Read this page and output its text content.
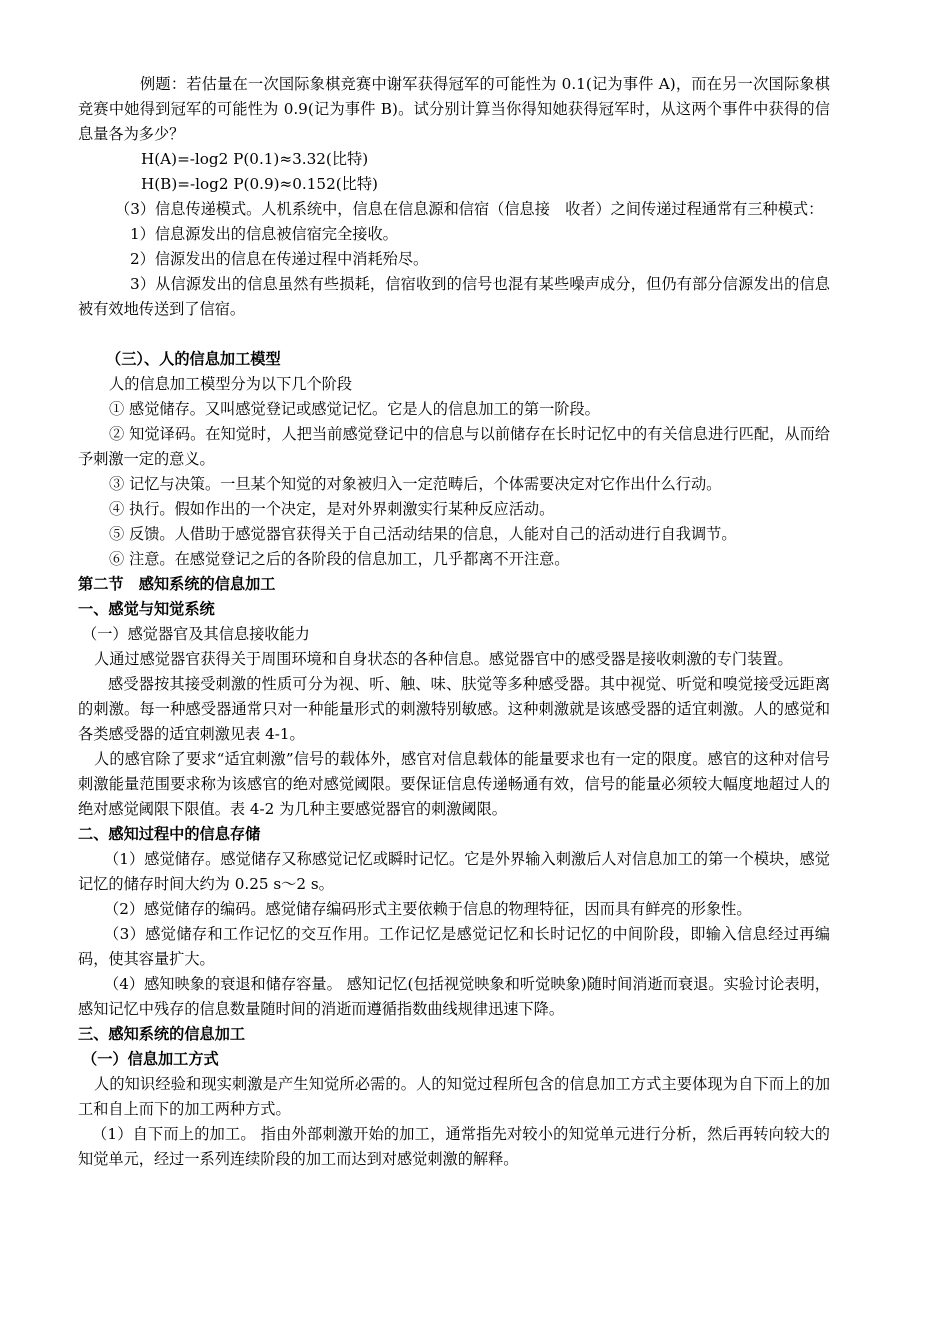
例题：若估量在一次国际象棋竞赛中谢军获得冠军的可能性为 0.1(记为事件 A)，而在另一次国际象棋竞赛中她得到冠军的可能性为 0.9(记为事件 B)。试分别计算当你得知她获得冠军时，从这两个事件中获得的信息量各为多少？

H(A)=-log2 P(0.1)≈3.32(比特)

H(B)=-log2 P(0.9)≈0.152(比特)

（3）信息传递模式。人机系统中，信息在信息源和信宿（信息接　收者）之间传递过程通常有三种模式：

1）信息源发出的信息被信宿完全接收。

2）信源发出的信息在传递过程中消耗殆尽。

3）从信源发出的信息虽然有些损耗，信宿收到的信号也混有某些噪声成分，但仍有部分信源发出的信息被有效地传送到了信宿。

（三）、人的信息加工模型

人的信息加工模型分为以下几个阶段

① 感觉储存。又叫感觉登记或感觉记忆。它是人的信息加工的第一阶段。

② 知觉译码。在知觉时，人把当前感觉登记中的信息与以前储存在长时记忆中的有关信息进行匹配，从而给予刺激一定的意义。

③ 记忆与决策。一旦某个知觉的对象被归入一定范畴后，个体需要决定对它作出什么行动。

④ 执行。假如作出的一个决定，是对外界刺激实行某种反应活动。

⑤ 反馈。人借助于感觉器官获得关于自己活动结果的信息，人能对自己的活动进行自我调节。

⑥ 注意。在感觉登记之后的各阶段的信息加工，几乎都离不开注意。

第二节　感知系统的信息加工

一、感觉与知觉系统

（一）感觉器官及其信息接收能力

人通过感觉器官获得关于周围环境和自身状态的各种信息。感觉器官中的感受器是接收刺激的专门装置。

感受器按其接受刺激的性质可分为视、听、触、味、肤觉等多种感受器。其中视觉、听觉和嗅觉接受远距离的刺激。每一种感受器通常只对一种能量形式的刺激特别敏感。这种刺激就是该感受器的适宜刺激。人的感觉和各类感受器的适宜刺激见表 4-1。

人的感官除了要求“适宜刺激”信号的载体外，感官对信息载体的能量要求也有一定的限度。感官的这种对信号刺激能量范围要求称为该感官的绝对感觉阈限。要保证信息传递畅通有效，信号的能量必须较大幅度地超过人的绝对感觉阈限下限值。表 4-2 为几种主要感觉器官的刺激阈限。

二、感知过程中的信息存储

（1）感觉储存。感觉储存又称感觉记忆或瞬时记忆。它是外界输入刺激后人对信息加工的第一个模块，感觉记忆的储存时间大约为 0.25 s～2 s。

（2）感觉储存的编码。感觉储存编码形式主要依赖于信息的物理特征，因而具有鲜亮的形象性。

（3）感觉储存和工作记忆的交互作用。工作记忆是感觉记忆和长时记忆的中间阶段，即输入信息经过再编码，使其容量扩大。

（4）感知映象的衰退和储存容量。 感知记忆(包括视觉映象和听觉映象)随时间消逝而衰退。实验讨论表明，感知记忆中残存的信息数量随时间的消逝而遵循指数曲线规律迅速下降。

三、感知系统的信息加工

（一）信息加工方式

人的知识经验和现实刺激是产生知觉所必需的。人的知觉过程所包含的信息加工方式主要体现为自下而上的加工和自上而下的加工两种方式。

（1）自下而上的加工。 指由外部刺激开始的加工，通常指先对较小的知觉单元进行分析，然后再转向较大的知觉单元，经过一系列连续阶段的加工而达到对感觉刺激的解释。
